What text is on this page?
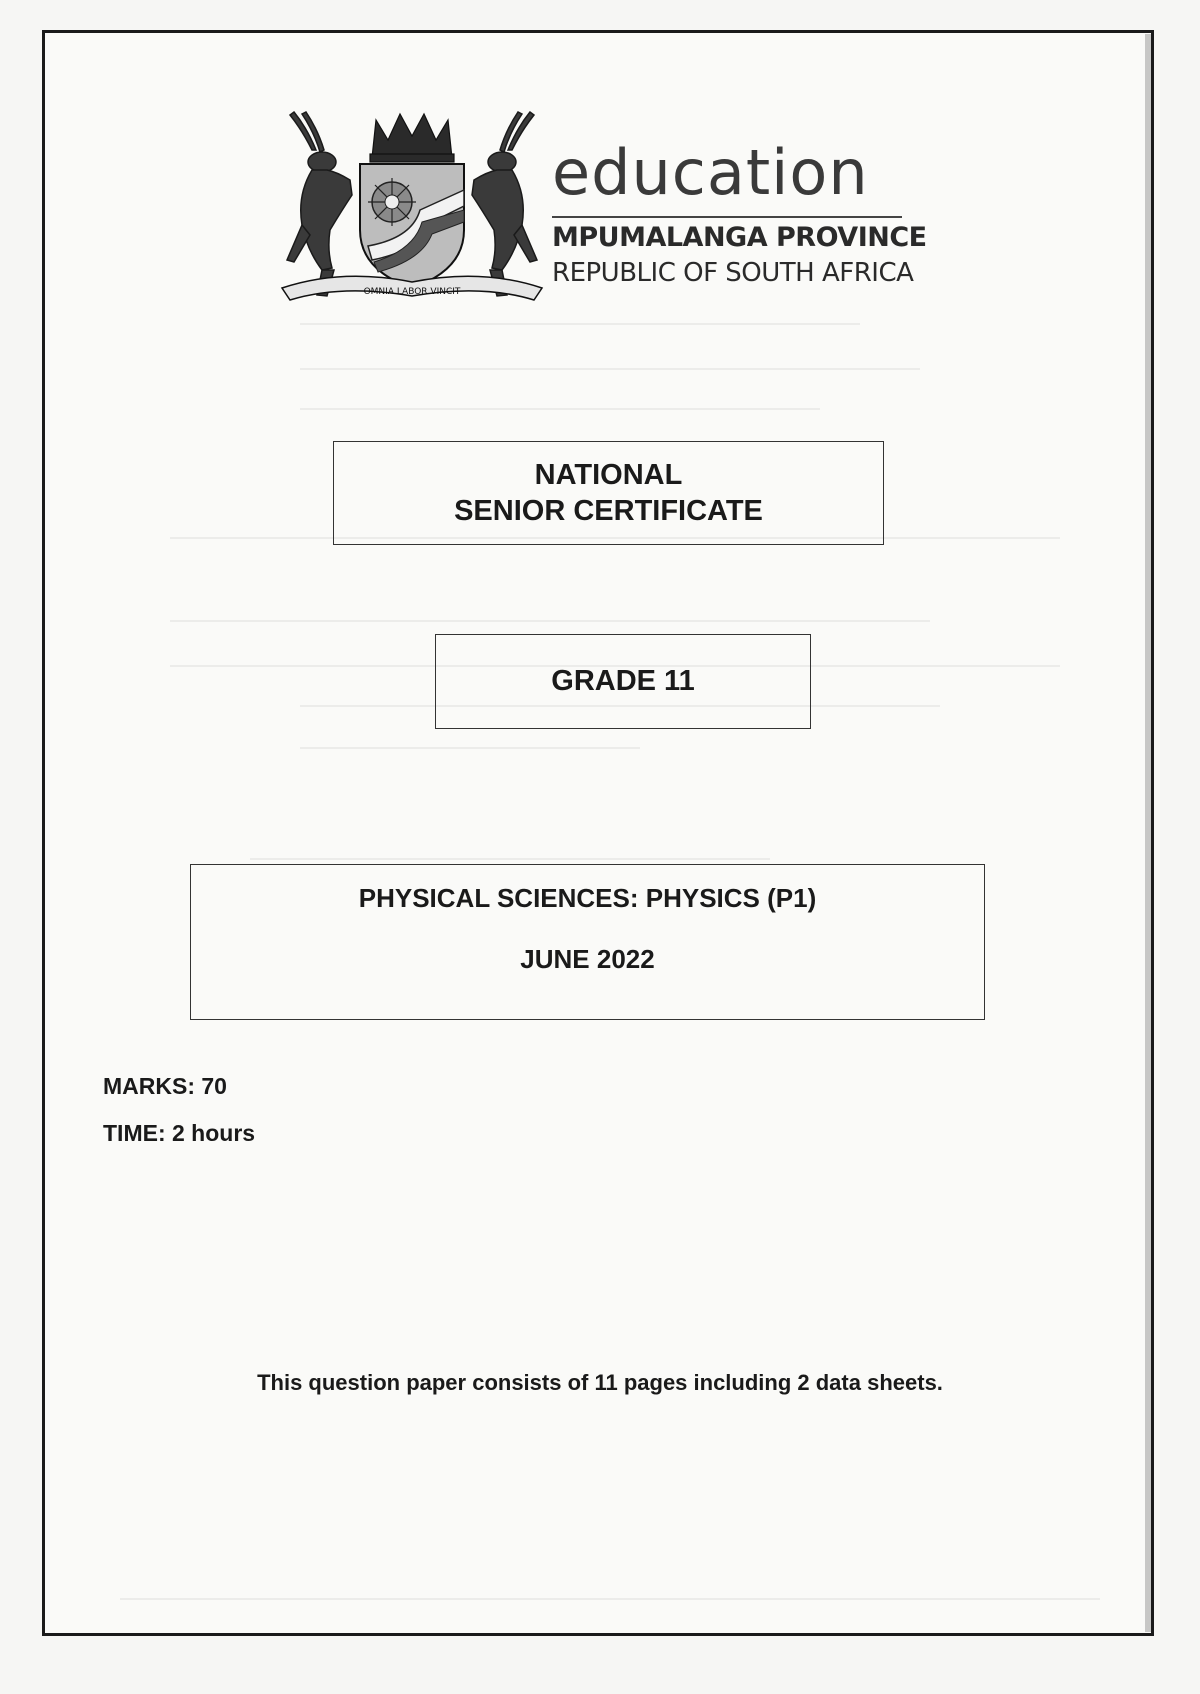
OMNIA LABOR VINCIT
education
MPUMALANGA PROVINCE
REPUBLIC OF SOUTH AFRICA
NATIONAL
SENIOR CERTIFICATE
GRADE 11
PHYSICAL SCIENCES: PHYSICS (P1)
JUNE 2022
MARKS: 70
TIME: 2 hours
This question paper consists of 11 pages including 2 data sheets.
